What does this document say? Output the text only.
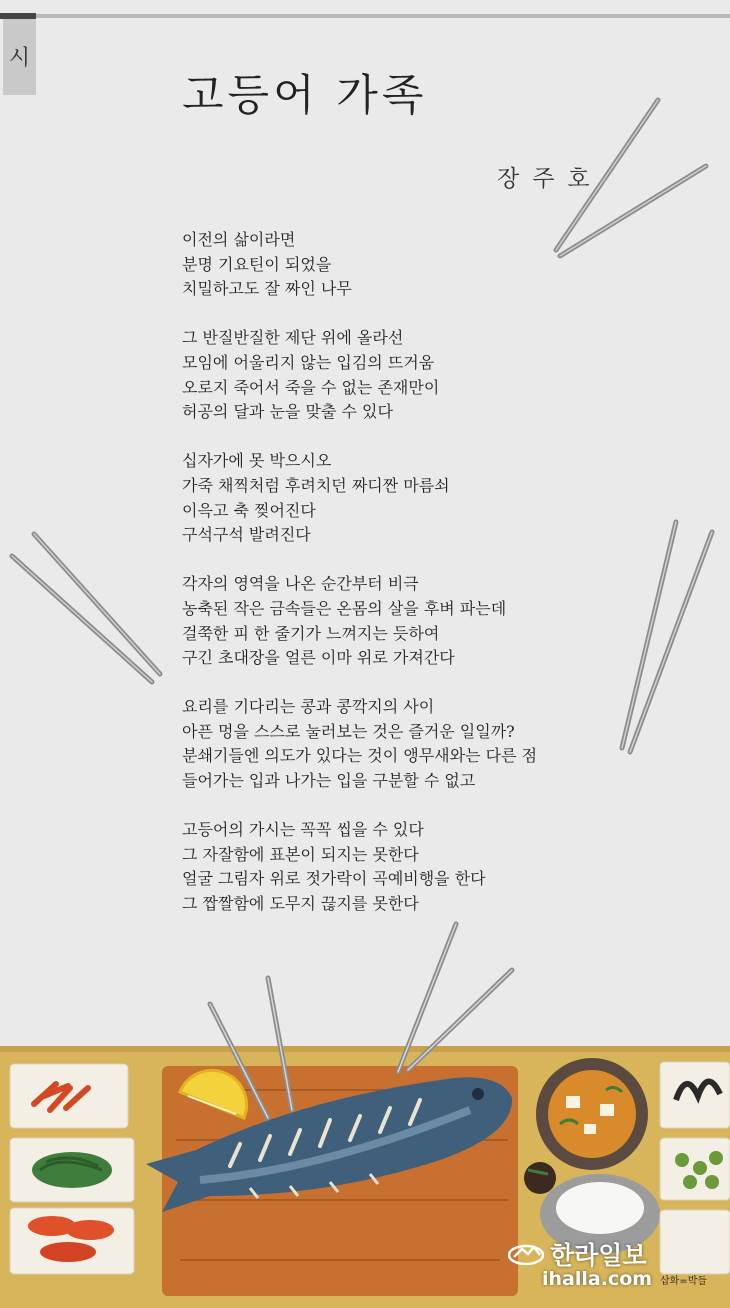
시
고등어 가족
장주호
이전의 삶이라면
분명 기요틴이 되었을
치밀하고도 잘 짜인 나무
그 반질반질한 제단 위에 올라선
모임에 어울리지 않는 입김의 뜨거움
오로지 죽어서 죽을 수 없는 존재만이
허공의 달과 눈을 맞출 수 있다
십자가에 못 박으시오
가죽 채찍처럼 후려치던 짜디짠 마름쇠
이윽고 축 찢어진다
구석구석 발려진다
각자의 영역을 나온 순간부터 비극
농축된 작은 금속들은 온몸의 살을 후벼 파는데
걸쭉한 피 한 줄기가 느껴지는 듯하여
구긴 초대장을 얼른 이마 위로 가져간다
요리를 기다리는 콩과 콩깍지의 사이
아픈 멍을 스스로 눌러보는 것은 즐거운 일일까?
분쇄기들엔 의도가 있다는 것이 앵무새와는 다른 점
들어가는 입과 나가는 입을 구분할 수 없고
고등어의 가시는 꼭꼭 씹을 수 있다
그 자잘함에 표본이 되지는 못한다
얼굴 그림자 위로 젓가락이 곡예비행을 한다
그 짭짤함에 도무지 끊지를 못한다
한라일보
ihalla.com 삽화=박들
